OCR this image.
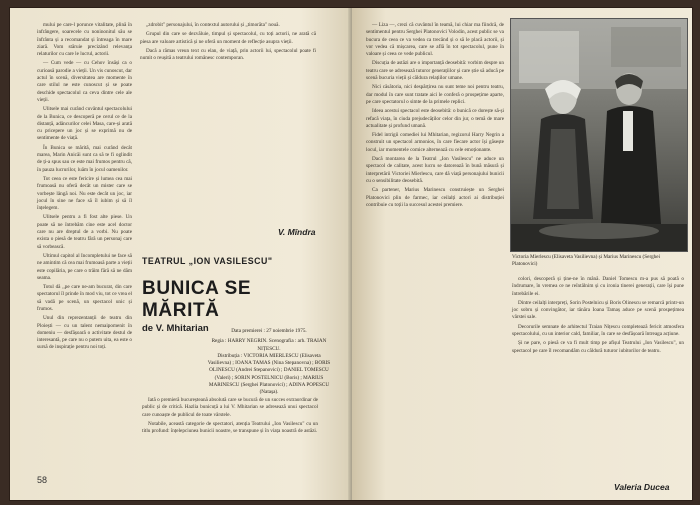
mului pe care-l porunce vitalitate, plină în infrângere, soarecele cu noninonitul său se înfrânta și a recomandat și întreaga în mare ziară. Vom stăruie precizând relevanța relaturilor cu care le lucrul, actorii.

— Cum vede — cu Cehov însăși ca o curioasă parodie a vieții. Un vis cunoscut, dar actul în scenă, diversitatea are momente în care stilul ne este cunoscut și se poate deschide spectacolul ca ceva dintre cele ale vieții.

Ulitsele mai curând cuvântul spectacolului de la Bunica, ce descoperă pe cerul ce de la distanță, adâncurilor celei Masa, care-și arată cu pricepere un joc și se exprimă nu de sentimente de viață.

În Bunica se mărită, mai curând decât marea, Marin Anicăi sunt ca să te fi oglindit de ți-a spus sau ce este mai frumos pentru că, în pauza lucrurilor, luăm în jocul oamenilor.

Tot ceea ce este fericire și lumea cea mai frumoasă nu oferă decât un mister care se vorbește lângă noi. Nu este decât un joc, iar jocul în sine ne face să îl iubim și să îl înțelegem.

Ulitsele pentru a fi fost alte piese. Un poate să ne întrebăm cine este acel doctor care nu are dreptul de a vorbi. Nu poate exista o piesă de teatru fără un personaj care să vorbească.

Ultimul capitol al Incompletului ne face să ne amintim că cea mai frumoasă parte a vieții este copilăria, pe care o trăim fără să ne dăm seama.

Totul dă ,,pe care ne-am bucurat, din care spectatorul îl prinde în mod viu, tot ce vrea el să vadă pe scenă, un spectacol unic și frumos.

Unul din reprezentanții de teatru din Ploiești — cu un talent nemaipomenit în domeniu — desfășoară o activitate destul de interesantă, pe care nu o putem uita, ea este o sursă de inspirație pentru noi toți.

„zdrobit" personajului, în contextul autorului și „timorăta" nouă.

Grupul din care se dezvăluie, timpul și spectacolul, cu toți actorii, ne arată că piesa are valoare artistică și ne oferă un moment de reflecție asupra vieții.

Dacă a rămas vreun text cu elan, de viață, prin actorii lui, spectacolul poate fi numit o reușită a teatrului românesc contemporan.

V. Mîndra
TEATRUL „ION VASILESCU"
BUNICA SE MĂRITĂ
de V. Mhitarian	Data premierei : 27 noiembrie 1975.
Regia : HARRY NEGRIN. Scenografia : arh. TRAIAN NIȚESCU.
Distribuția : VICTORIA MIERLESCU (Elisaveta Vasilievna) ; IOANA TAMAS (Nina Stepanovna) ; BORIS OLINESCU (Andrei Stepanovici) ; DANIEL TOMESCU (Valeri) ; SORIN POSTELNICU (Boris) ; MARIUS MARINESCU (Serghei Platonovici) ; ADINA POPESCU (Nataşa).

Iată o premieră bucureșteană absolută care se bucură de un succes extraordinar de public și de critică. Hazlia bunicuță a lui V. Mhitarian se adresează unui spectacol care cunoaște de publicul de toate vârstele.

Notabile, această categorie de spectatori, atenția Teatrului „Ion Vasilescu" cu un titlu profund: înțelepciunea bunicii noastre, se transpune și în viața noastră de astăzi.

58

— Liza —, crezi că cuvântul în teamă, lui chiar ma fiindcă, de sentimentul pentru Serghei Platonovici Volodin, acest public se va bucura de ceea ce va vedea ca trecând și o să le placă actorii, și vor vedea că mișcarea, care se află în tot spectacolul, pune în valoare și ceea ce vede publicul.

Discuția de astăzi are o importanță deosebită: vorbim despre un teatru care se adresează tuturor generațiilor și care știe să aducă pe scenă bucuria vieții și căldura relațiilor umane.

Nici căsătoria, nici despărțirea nu sunt teme noi pentru teatru, dar modul în care sunt tratate aici le conferă o prospețime aparte, pe care spectatorul o simte de la primele replici.

Ideea acestui spectacol este deosebită: o bunică ce dorește să-și refacă viața, în ciuda prejudecăților celor din jur, o temă de mare actualitate și profund umană.

Fidel intrigii comediei lui Mhitarian, regizorul Harry Negrin a construit un spectacol armonios, în care fiecare actor își găsește locul, iar momentele comice alternează cu cele emoționante.

Dacă montarea de la Teatrul „Ion Vasilescu" ne aduce un spectacol de calitate, acest lucru se datorează în bună măsură și interpretării Victoriei Mierlescu, care dă viață personajului bunicii cu o sensibilitate deosebită.

Ca partener, Marius Marinescu construiește un Serghei Platonovici plin de farmec, iar ceilalți actori ai distribuției contribuie cu toții la succesul acestei premiere.

Victoria Mierlescu (Elisaveta Vasilievna) și Marius Marinescu (Serghei Platonovici)

colori, descoperă și ține-ne în mână. Daniel Tomescu m-a pus să poată o îndrumare, în vremea ce ne reîntâlnim și cu ironia tinerei generații, care își pune întrebările ei.

Dintre ceilalți interpreți, Sorin Postelnicu și Boris Olinescu se remarcă printr-un joc sobru și convingător, iar tânăra Ioana Tamaș aduce pe scenă prospețimea vârstei sale.

Decorurile semnate de arhitectul Traian Nițescu completează fericit atmosfera spectacolului, cu un interior cald, familiar, în care se desfășoară întreaga acțiune.

Și ne pare, o piesă ce va fi mult timp pe afișul Teatrului „Ion Vasilescu", un spectacol pe care îl recomandăm cu căldură tuturor iubitorilor de teatru.

Valeria Ducea
